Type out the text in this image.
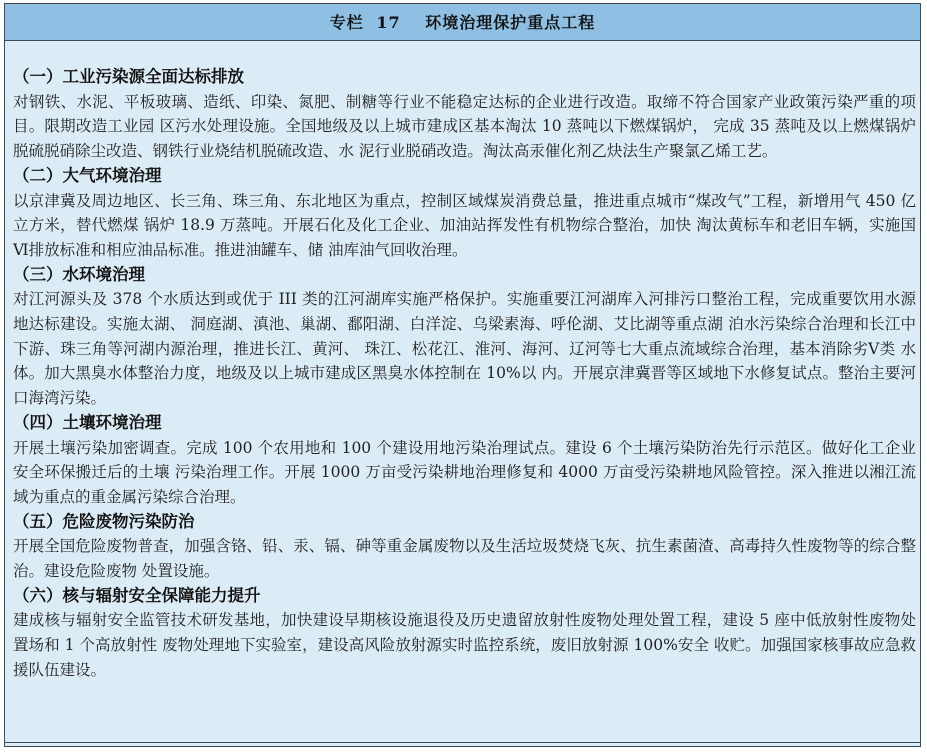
专栏 17 环境治理保护重点工程

（一）工业污染源全面达标排放

对钢铁、水泥、平板玻璃、造纸、印染、氮肥、制糖等行业不能稳定达标的企业进行改造。取缔不符合国家产业政策污染严重的项目。限期改造工业园 区污水处理设施。全国地级及以上城市建成区基本淘汰 10 蒸吨以下燃煤锅炉， 完成 35 蒸吨及以上燃煤锅炉脱硫脱硝除尘改造、钢铁行业烧结机脱硫改造、水 泥行业脱硝改造。淘汰高汞催化剂乙炔法生产聚氯乙烯工艺。

（二）大气环境治理

以京津冀及周边地区、长三角、珠三角、东北地区为重点，控制区域煤炭消费总量，推进重点城市“煤改气”工程，新增用气 450 亿立方米，替代燃煤 锅炉 18.9 万蒸吨。开展石化及化工企业、加油站挥发性有机物综合整治，加快 淘汰黄标车和老旧车辆，实施国Ⅵ排放标准和相应油品标准。推进油罐车、储 油库油气回收治理。

（三）水环境治理

对江河源头及 378 个水质达到或优于 III 类的江河湖库实施严格保护。实施重要江河湖库入河排污口整治工程，完成重要饮用水源地达标建设。实施太湖、 洞庭湖、滇池、巢湖、鄱阳湖、白洋淀、乌梁素海、呼伦湖、艾比湖等重点湖 泊水污染综合治理和长江中下游、珠三角等河湖内源治理，推进长江、黄河、 珠江、松花江、淮河、海河、辽河等七大重点流域综合治理，基本消除劣Ⅴ类 水体。加大黑臭水体整治力度，地级及以上城市建成区黑臭水体控制在 10%以 内。开展京津冀晋等区域地下水修复试点。整治主要河口海湾污染。

（四）土壤环境治理

开展土壤污染加密调查。完成 100 个农用地和 100 个建设用地污染治理试点。建设 6 个土壤污染防治先行示范区。做好化工企业安全环保搬迁后的土壤 污染治理工作。开展 1000 万亩受污染耕地治理修复和 4000 万亩受污染耕地风险管控。深入推进以湘江流域为重点的重金属污染综合治理。

（五）危险废物污染防治

开展全国危险废物普查，加强含铬、铅、汞、镉、砷等重金属废物以及生活垃圾焚烧飞灰、抗生素菌渣、高毒持久性废物等的综合整治。建设危险废物 处置设施。

（六）核与辐射安全保障能力提升

建成核与辐射安全监管技术研发基地，加快建设早期核设施退役及历史遗留放射性废物处理处置工程，建设 5 座中低放射性废物处置场和 1 个高放射性 废物处理地下实验室，建设高风险放射源实时监控系统，废旧放射源 100%安全 收贮。加强国家核事故应急救援队伍建设。
